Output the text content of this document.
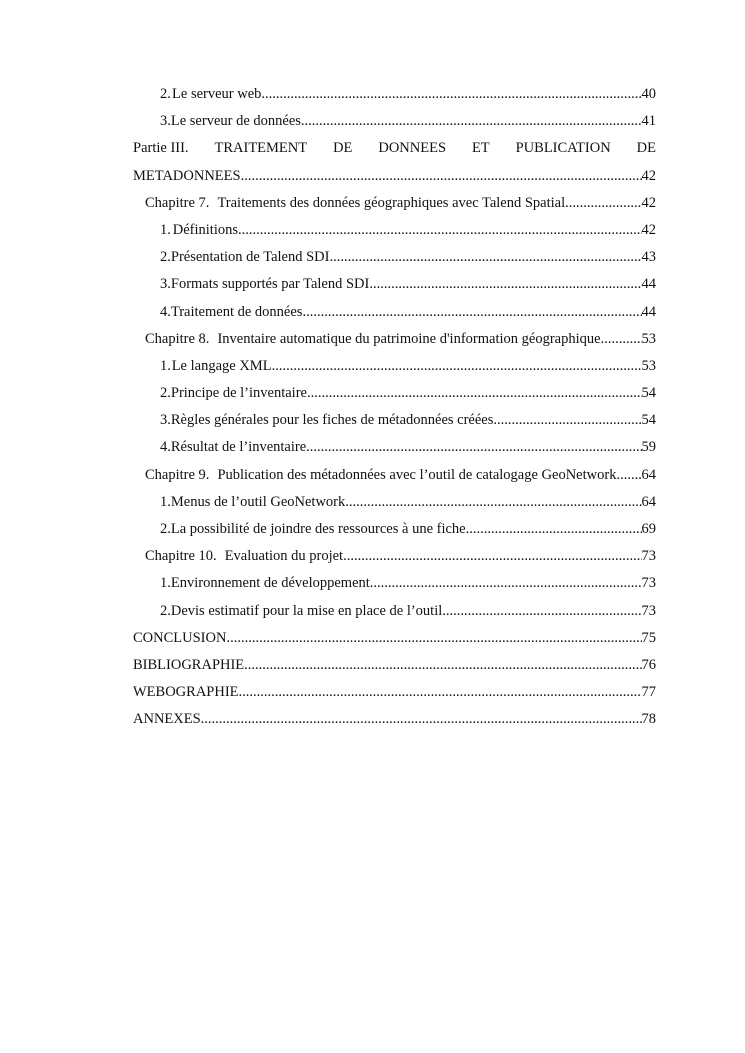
2. Le serveur web .....	40
3. Le serveur de données .....	41
Partie III. TRAITEMENT DE DONNEES ET PUBLICATION DE
METADONNEES .....	42
Chapitre 7. Traitements des données géographiques avec Talend Spatial .....	42
1. Définitions .....	42
2. Présentation de Talend SDI .....	43
3. Formats supportés par Talend SDI .....	44
4. Traitement de données .....	44
Chapitre 8. Inventaire automatique du patrimoine d'information géographique .....	53
1. Le langage XML .....	53
2. Principe de l’inventaire .....	54
3. Règles générales pour les fiches de métadonnées créées .....	54
4. Résultat de l’inventaire .....	59
Chapitre 9. Publication des métadonnées avec l’outil de catalogage GeoNetwork ..... 64
1. Menus de l’outil GeoNetwork .....	64
2. La possibilité de joindre des ressources à une fiche .....	69
Chapitre 10. Evaluation du projet .....	73
1. Environnement de développement .....	73
2. Devis estimatif pour la mise en place de l’outil .....	73
CONCLUSION .....	75
BIBLIOGRAPHIE .....	76
WEBOGRAPHIE .....	77
ANNEXES .....	78
